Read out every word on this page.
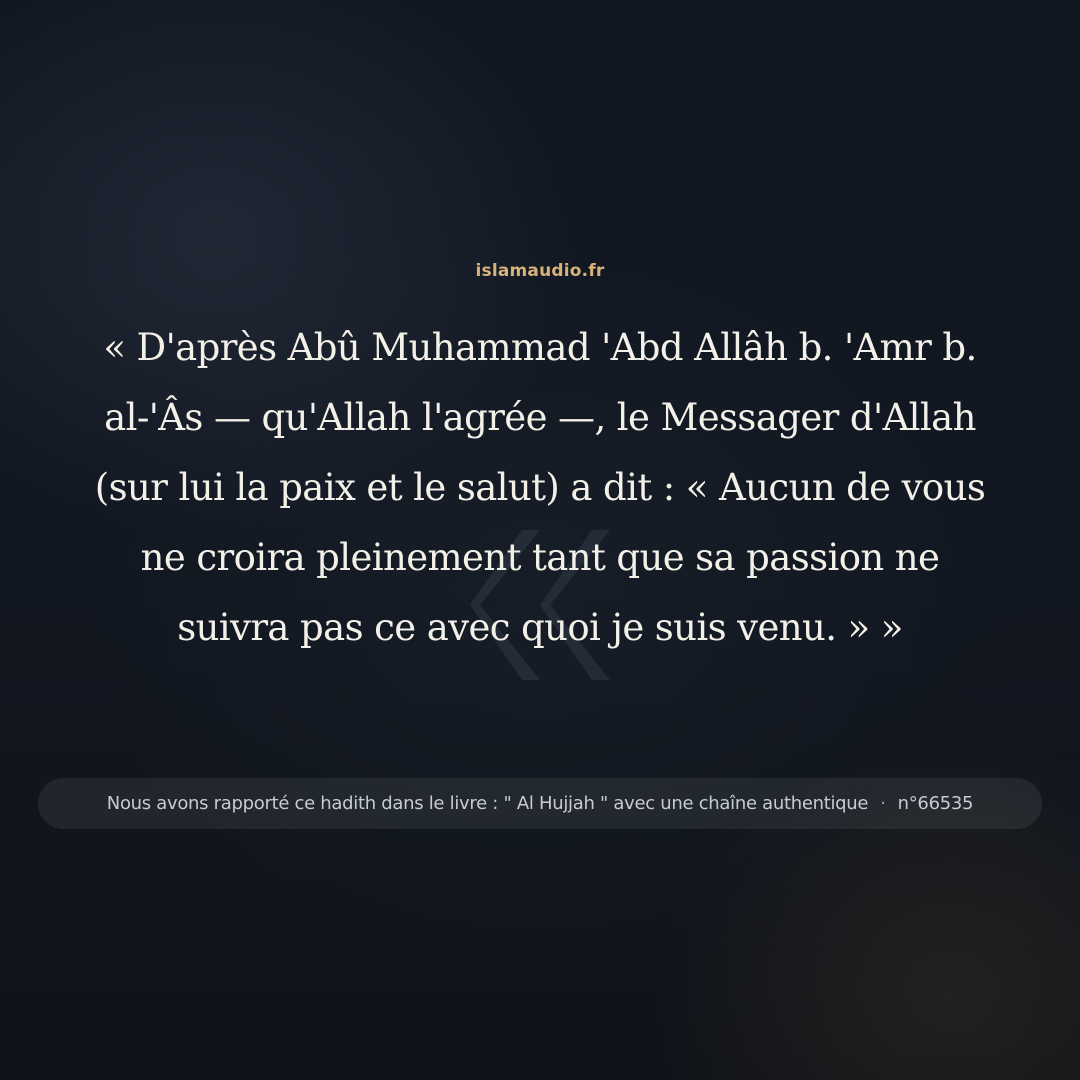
islamaudio.fr

« D'après Abû Muhammad 'Abd Allâh b. 'Amr b. al-'Âs — qu'Allah l'agrée —, le Messager d'Allah (sur lui la paix et le salut) a dit : « Aucun de vous ne croira pleinement tant que sa passion ne suivra pas ce avec quoi je suis venu. » »

Nous avons rapporté ce hadith dans le livre : " Al Hujjah " avec une chaîne authentique · n°66535
